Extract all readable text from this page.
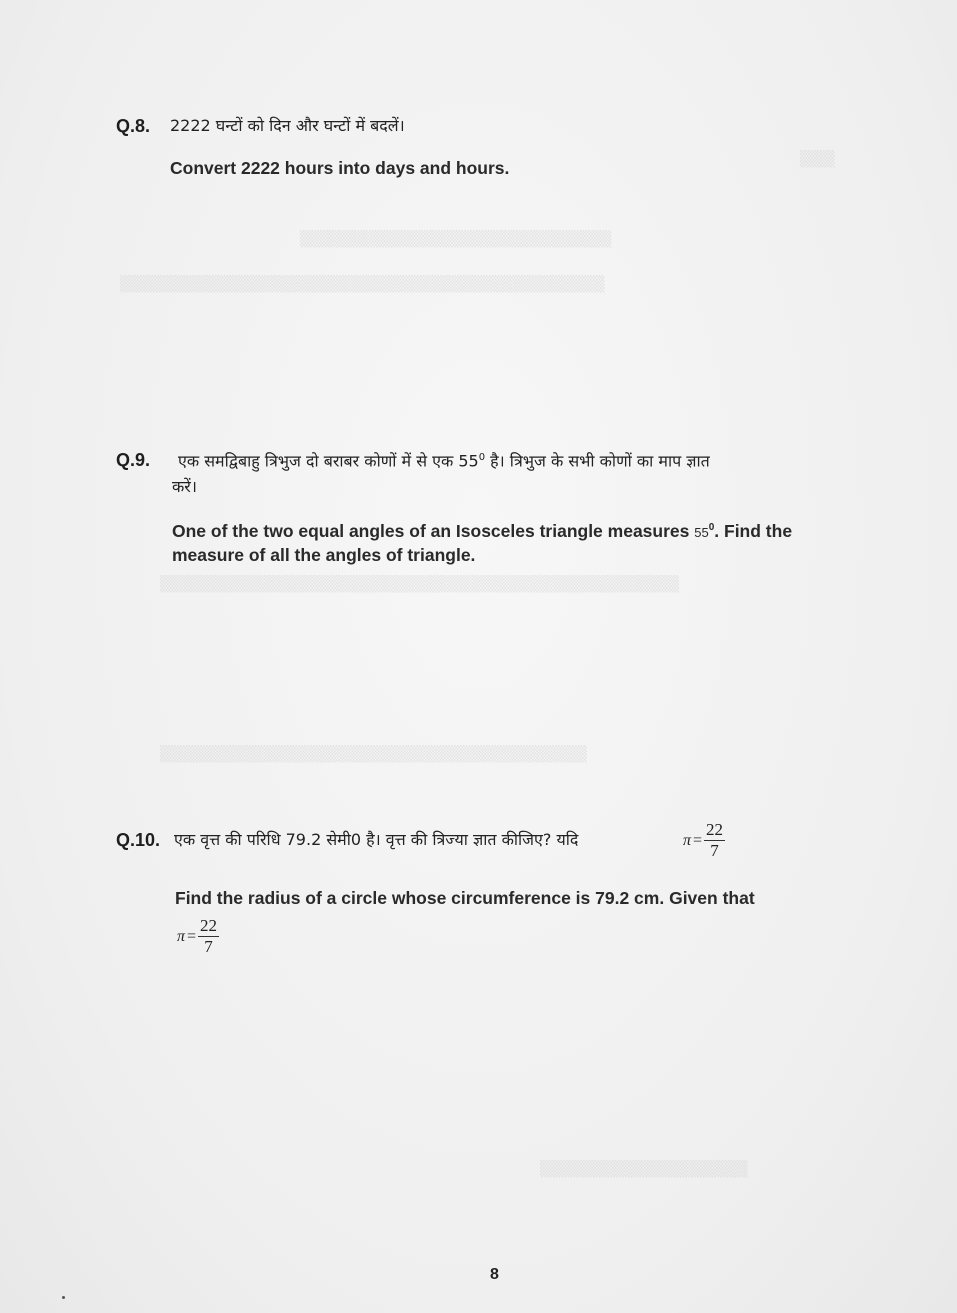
▒▒▒
▒▒▒▒▒▒▒▒▒▒▒▒▒▒▒▒▒▒▒▒▒▒▒▒▒▒▒
▒▒▒▒▒▒▒▒▒▒▒▒▒▒▒▒▒▒▒▒▒▒▒▒▒▒▒▒▒▒▒▒▒▒▒▒▒▒▒▒▒▒
▒▒▒▒▒▒▒▒▒▒▒▒▒▒▒▒▒▒▒▒▒▒▒▒▒▒▒▒▒▒▒▒▒▒▒▒▒▒▒▒▒▒▒▒▒
▒▒▒▒▒▒▒▒▒▒▒▒▒▒▒▒▒▒▒▒▒▒▒▒▒▒▒▒▒▒▒▒▒▒▒▒▒
▒▒▒▒▒▒▒▒▒▒▒▒▒▒▒▒▒▒
Q.8. 2222 घन्टों को दिन और घन्टों में बदलें।
Convert 2222 hours into days and hours.
Q.9. एक समद्विबाहु त्रिभुज दो बराबर कोणों में से एक $55^0$ है। त्रिभुज के सभी कोणों का माप ज्ञात
करें।
One of the two equal angles of an Isosceles triangle measures $55^0$. Find the
measure of all the angles of triangle.
Q.10. एक वृत्त की परिधि 79.2 सेमी0 है। वृत्त की त्रिज्या ज्ञात कीजिए? यदि	$\pi = \frac{22}{7}$
Find the radius of a circle whose circumference is 79.2 cm. Given that
$\pi = \frac{22}{7}$
8
